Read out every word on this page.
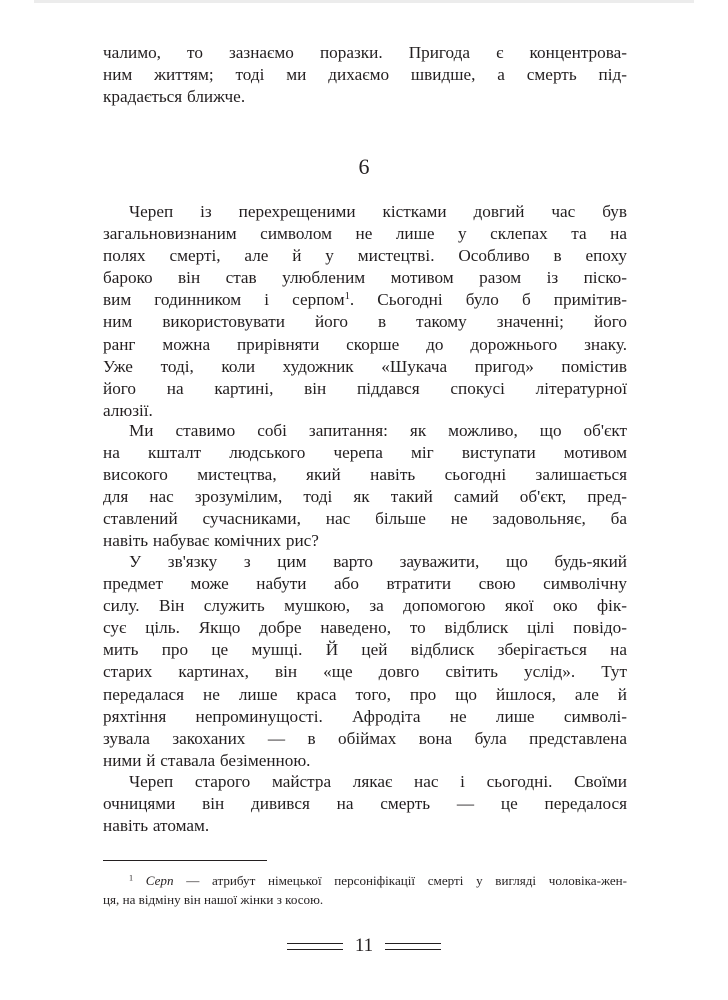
чалимо, то зазнаємо поразки. Пригода є концентрова-
ним життям; тоді ми дихаємо швидше, а смерть під-
крадається ближче.

6

Череп із перехрещеними кістками довгий час був
загальновизнаним символом не лише у склепах та на
полях смерті, але й у мистецтві. Особливо в епоху
бароко він став улюбленим мотивом разом із піско-
вим годинником і серпом$^1$. Сьогодні було б примітив-
ним використовувати його в такому значенні; його
ранг можна прирівняти скорше до дорожнього знаку.
Уже тоді, коли художник «Шукача пригод» помістив
його на картині, він піддався спокусі літературної
алюзії.

Ми ставимо собі запитання: як можливо, що об'єкт
на кшталт людського черепа міг виступати мотивом
високого мистецтва, який навіть сьогодні залишається
для нас зрозумілим, тоді як такий самий об'єкт, пред-
ставлений сучасниками, нас більше не задовольняє, ба
навіть набуває комічних рис?

У зв'язку з цим варто зауважити, що будь-який
предмет може набути або втратити свою символічну
силу. Він служить мушкою, за допомогою якої око фік-
сує ціль. Якщо добре наведено, то відблиск цілі повідо-
мить про це мушці. Й цей відблиск зберігається на
старих картинах, він «ще довго світить услід». Тут
передалася не лише краса того, про що йшлося, але й
ряхтіння непроминущості. Афродіта не лише символі-
зувала закоханих — в обіймах вона була представлена
ними й ставала безіменною.

Череп старого майстра лякає нас і сьогодні. Своїми
очницями він дивився на смерть — це передалося
навіть атомам.

$^1$ Серп — атрибут німецької персоніфікації смерті у вигляді чоловіка-жен-
ця, на відміну він нашої жінки з косою.
11
